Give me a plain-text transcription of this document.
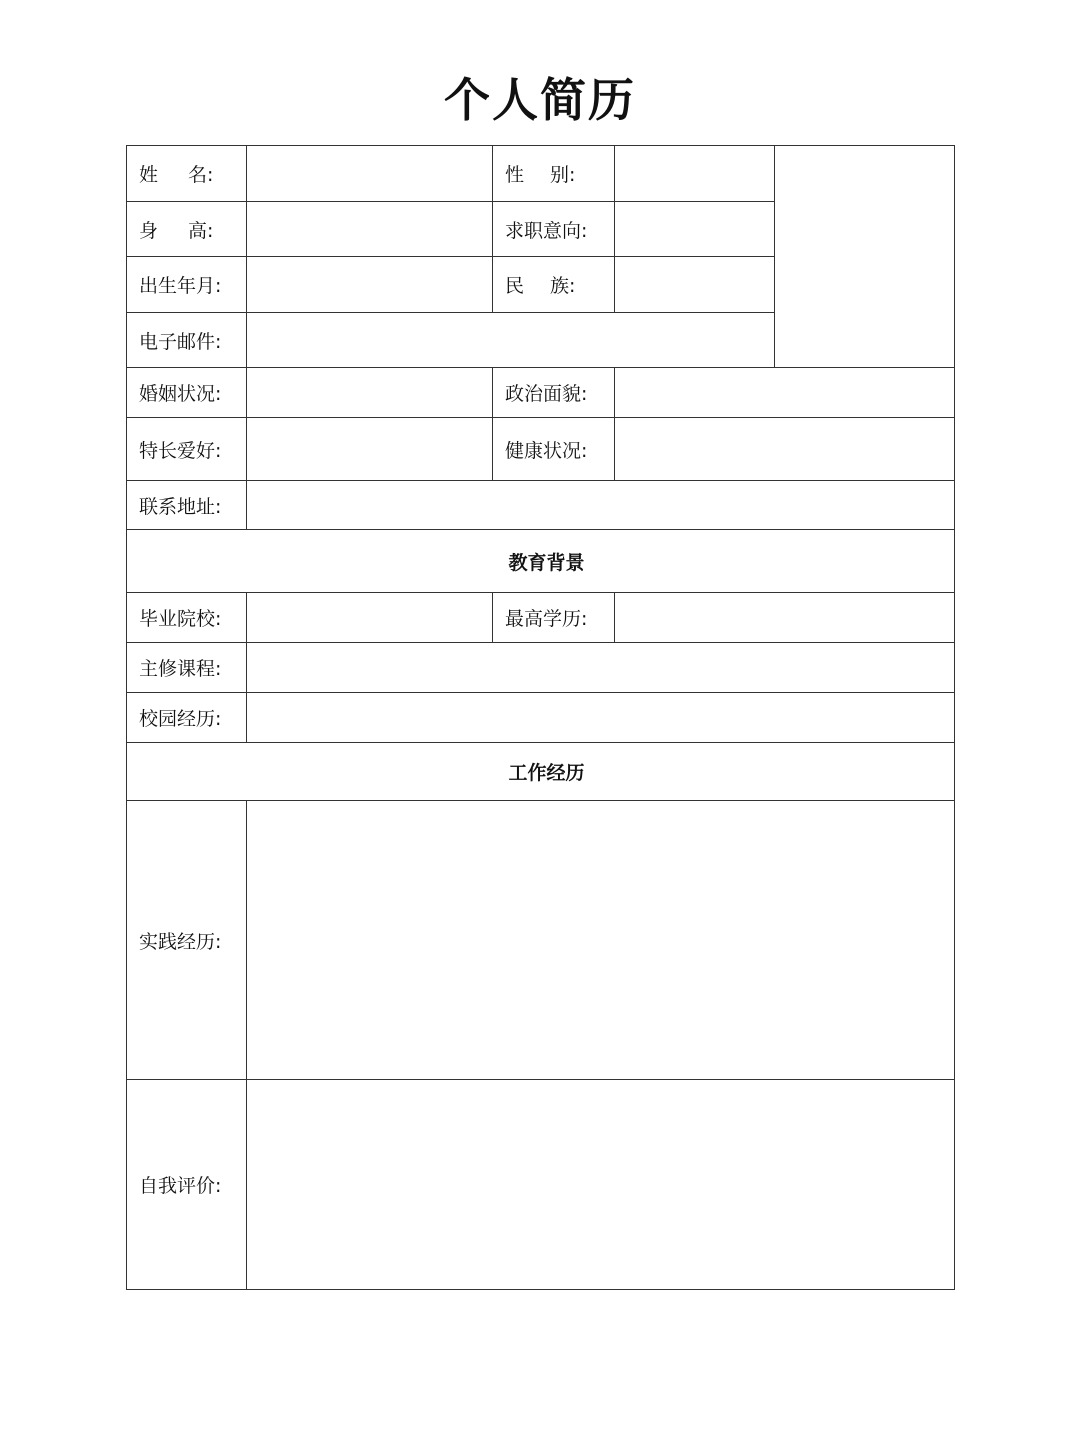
个人简历
姓 名:		性 别:		
身 高:		求职意向:		
出生年月:		民 族:		
电子邮件:				
婚姻状况:		政治面貌:		
特长爱好:		健康状况:		
联系地址:				
教育背景				
毕业院校:		最高学历:		
主修课程:				
校园经历:				
工作经历				
实践经历:				
自我评价:				
